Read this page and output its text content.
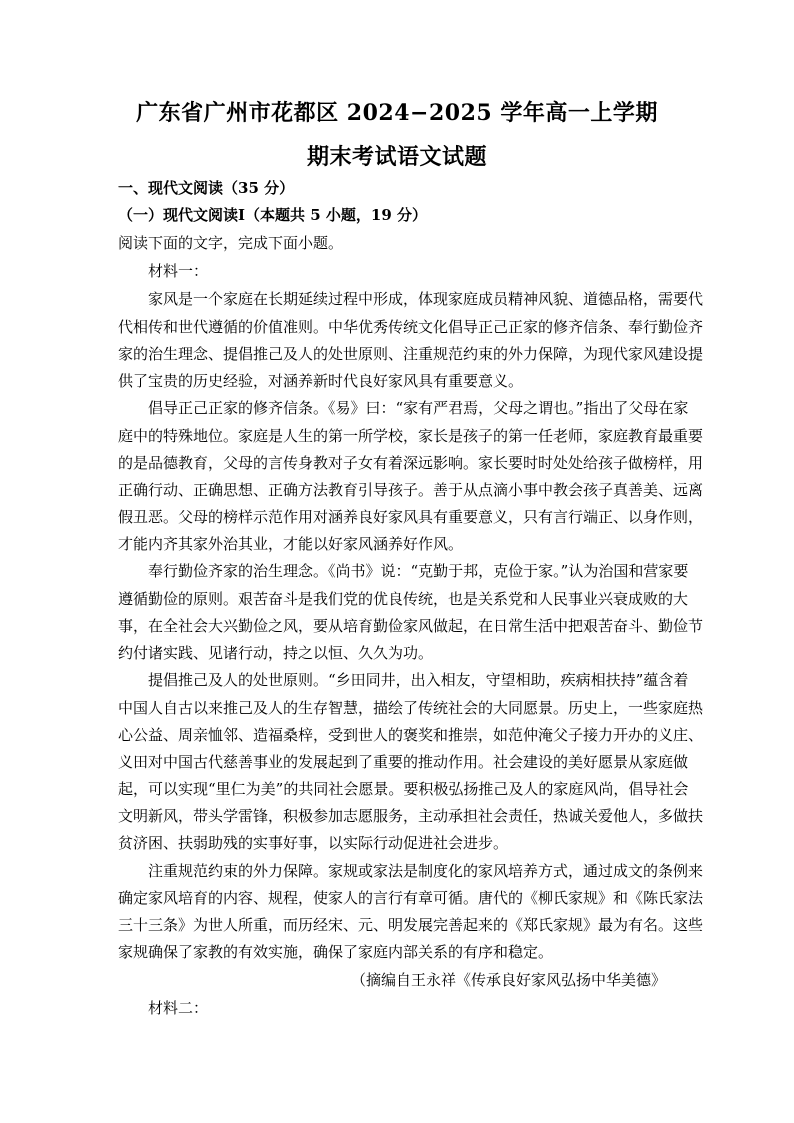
广东省广州市花都区 2024−2025 学年高一上学期
期末考试语文试题
一、现代文阅读（35 分）
（一）现代文阅读Ⅰ（本题共 5 小题，19 分）
阅读下面的文字，完成下面小题。
材料一：
家风是一个家庭在长期延续过程中形成，体现家庭成员精神风貌、道德品格，需要代
代相传和世代遵循的价值准则。中华优秀传统文化倡导正己正家的修齐信条、奉行勤俭齐
家的治生理念、提倡推己及人的处世原则、注重规范约束的外力保障，为现代家风建设提
供了宝贵的历史经验，对涵养新时代良好家风具有重要意义。
倡导正己正家的修齐信条。《易》曰：“家有严君焉，父母之谓也。”指出了父母在家
庭中的特殊地位。家庭是人生的第一所学校，家长是孩子的第一任老师，家庭教育最重要
的是品德教育，父母的言传身教对子女有着深远影响。家长要时时处处给孩子做榜样，用
正确行动、正确思想、正确方法教育引导孩子。善于从点滴小事中教会孩子真善美、远离
假丑恶。父母的榜样示范作用对涵养良好家风具有重要意义，只有言行端正、以身作则，
才能内齐其家外治其业，才能以好家风涵养好作风。
奉行勤俭齐家的治生理念。《尚书》说：“克勤于邦，克俭于家。”认为治国和营家要
遵循勤俭的原则。艰苦奋斗是我们党的优良传统，也是关系党和人民事业兴衰成败的大
事，在全社会大兴勤俭之风，要从培育勤俭家风做起，在日常生活中把艰苦奋斗、勤俭节
约付诸实践、见诸行动，持之以恒、久久为功。
提倡推己及人的处世原则。“乡田同井，出入相友，守望相助，疾病相扶持”蕴含着
中国人自古以来推己及人的生存智慧，描绘了传统社会的大同愿景。历史上，一些家庭热
心公益、周亲恤邻、造福桑梓，受到世人的褒奖和推崇，如范仲淹父子接力开办的义庄、
义田对中国古代慈善事业的发展起到了重要的推动作用。社会建设的美好愿景从家庭做
起，可以实现“里仁为美”的共同社会愿景。要积极弘扬推己及人的家庭风尚，倡导社会
文明新风，带头学雷锋，积极参加志愿服务，主动承担社会责任，热诚关爱他人，多做扶
贫济困、扶弱助残的实事好事，以实际行动促进社会进步。
注重规范约束的外力保障。家规或家法是制度化的家风培养方式，通过成文的条例来
确定家风培育的内容、规程，使家人的言行有章可循。唐代的《柳氏家规》和《陈氏家法
三十三条》为世人所重，而历经宋、元、明发展完善起来的《郑氏家规》最为有名。这些
家规确保了家教的有效实施，确保了家庭内部关系的有序和稳定。
（摘编自王永祥《传承良好家风弘扬中华美德》
材料二：
